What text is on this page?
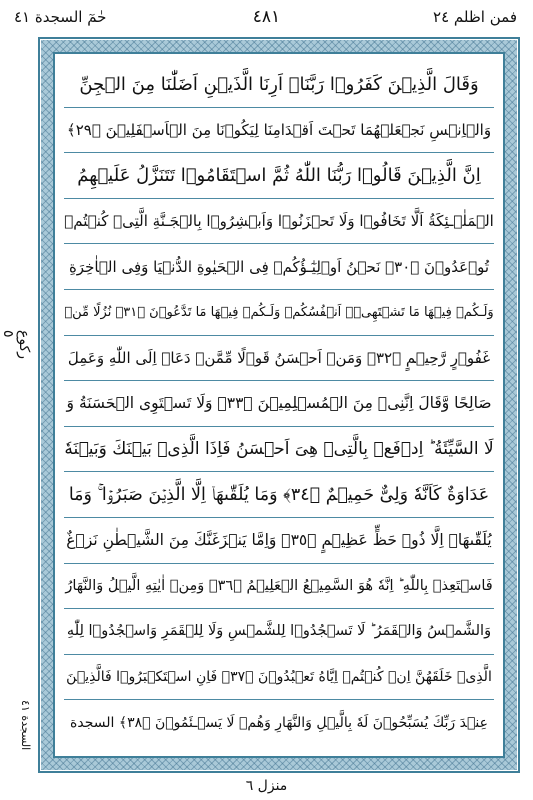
حٰمٓ السجدة ٤١	٤٨١	فمن اظلم ٢٤
رکوع ٥
السجدة ٤١
وَقَالَ الَّذِيۡنَ كَفَرُوۡا رَبَّنَاۤ اَرِنَا الَّذَيۡنِ اَضَلّٰنَا مِنَ الۡجِنِّ
وَالۡاِنۡسِ نَجۡعَلۡهُمَا تَحۡتَ اَقۡدَامِنَا لِيَكُوۡنَا مِنَ الۡاَسۡفَلِيۡنَ ﴿٢٩﴾
اِنَّ الَّذِيۡنَ قَالُوۡا رَبُّنَا اللّٰهُ ثُمَّ اسۡتَقَامُوۡا تَتَنَزَّلُ عَلَيۡهِمُ
الۡمَلٰۤـئِكَةُ اَلَّا تَخَافُوۡا وَلَا تَحۡزَنُوۡا وَاَبۡشِرُوۡا بِالۡجَـنَّةِ الَّتِىۡ كُنۡتُمۡ
تُوۡعَدُوۡنَ ﴿٣٠﴾ نَحۡنُ اَوۡلِيٰٓـؤُكُمۡ فِى الۡحَيٰوةِ الدُّنۡيَا وَفِى الۡاٰخِرَةِ
وَلَـكُمۡ فِيۡهَا مَا تَشۡتَهِىۡۤ اَنۡفُسُكُمۡ وَلَـكُمۡ فِيۡهَا مَا تَدَّعُوۡنَ ﴿٣١﴾ نُزُلًا مِّنۡ
غَفُوۡرٍ رَّحِيۡمٍ ﴿٣٢﴾ وَمَنۡ اَحۡسَنُ قَوۡلًا مِّمَّنۡ دَعَاۤ اِلَى اللّٰهِ وَعَمِلَ
صَالِحًا وَّقَالَ اِنَّنِىۡ مِنَ الۡمُسۡلِمِيۡنَ ﴿٣٣﴾ وَلَا تَسۡتَوِى الۡحَسَنَةُ وَ
لَا السَّيِّئَةُ‌ ؕ اِدۡفَعۡ بِالَّتِىۡ هِىَ اَحۡسَنُ فَاِذَا الَّذِىۡ بَيۡنَكَ وَبَيۡنَهٗ
عَدَاوَةٌ كَاَنَّهٗ وَلِىٌّ حَمِيۡمٌ ﴿٣٤﴾ وَمَا يُلَقّٰٮهَاۤ اِلَّا الَّذِيۡنَ صَبَرُوۡا‌ ۚ وَمَا
يُلَقّٰٮهَاۤ اِلَّا ذُوۡ حَظٍّ عَظِيۡمٍ ﴿٣٥﴾ وَاِمَّا يَنۡزَغَنَّكَ مِنَ الشَّيۡطٰنِ نَزۡغٌ
فَاسۡتَعِذۡ بِاللّٰهِ‌ ؕ اِنَّهٗ هُوَ السَّمِيۡعُ الۡعَلِيۡمُ ﴿٣٦﴾ وَمِنۡ اٰيٰتِهِ الَّيۡلُ وَالنَّهَارُ
وَالشَّمۡسُ وَالۡقَمَرُ‌ ؕ لَا تَسۡجُدُوۡا لِلشَّمۡسِ وَلَا لِلۡقَمَرِ وَاسۡجُدُوۡا لِلّٰهِ
الَّذِىۡ خَلَقَهُنَّ اِنۡ كُنۡتُمۡ اِيَّاهُ تَعۡبُدُوۡنَ ﴿٣٧﴾ فَاِنِ اسۡتَكۡبَرُوۡا فَالَّذِيۡنَ
عِنۡدَ رَبِّكَ يُسَبِّحُوۡنَ لَهٗ بِالَّيۡلِ وَالنَّهَارِ وَهُمۡ لَا يَسۡـئَمُوۡنَ ﴿٣٨﴾ السجدة
منزل ٦
